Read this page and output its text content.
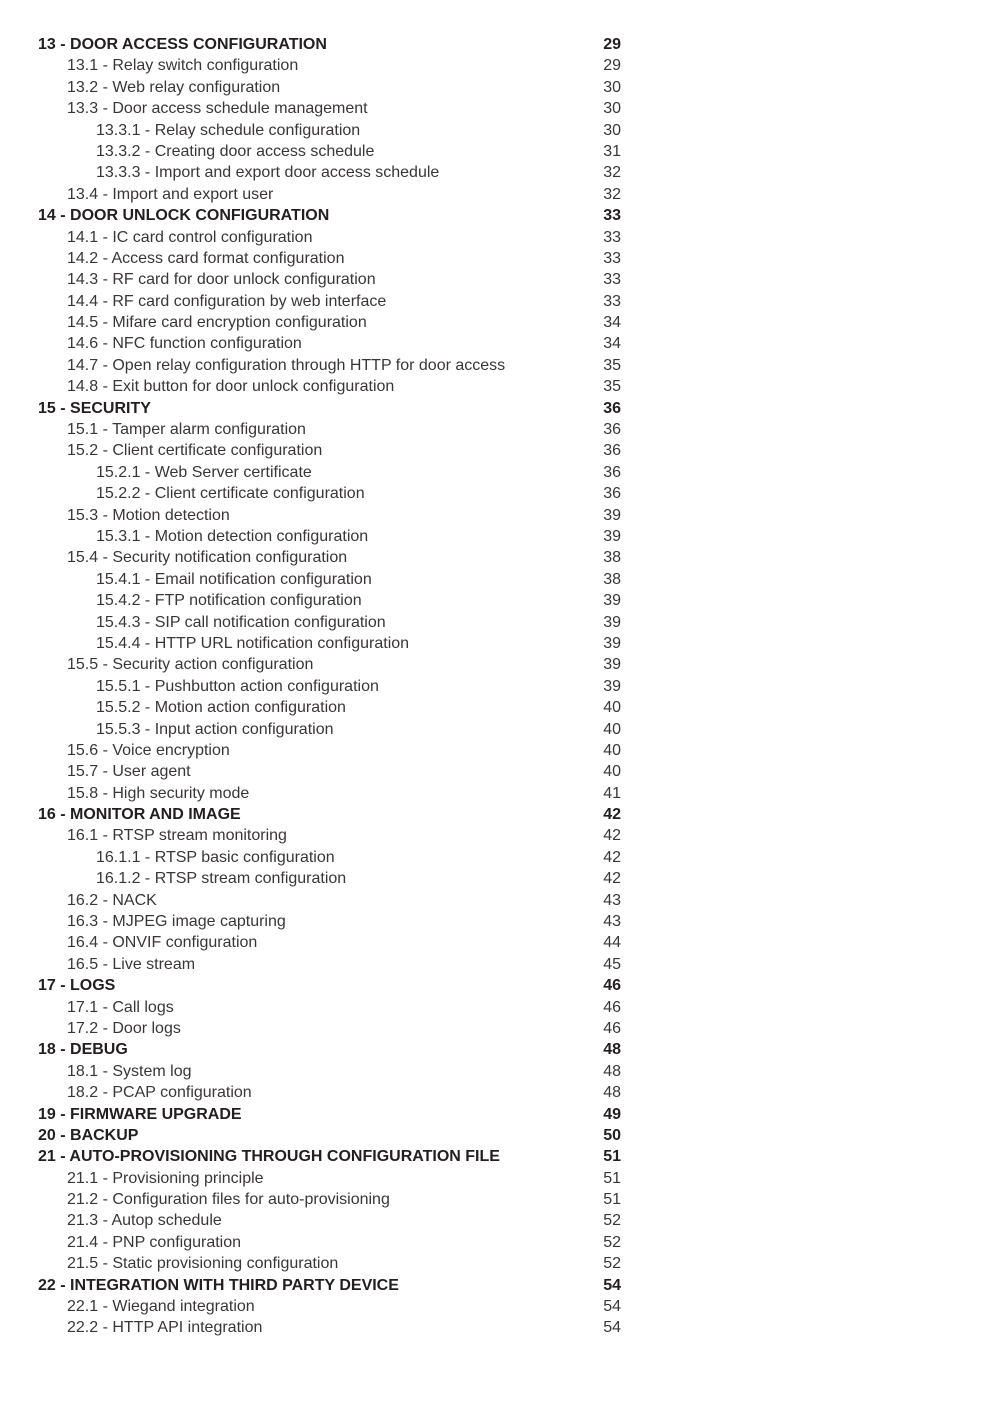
13 - DOOR ACCESS CONFIGURATION	29
13.1 - Relay switch configuration	29
13.2 - Web relay configuration	30
13.3 - Door access schedule management	30
13.3.1 - Relay schedule configuration	30
13.3.2 - Creating door access schedule	31
13.3.3 - Import and export door access schedule	32
13.4 - Import and export user	32
14 - DOOR UNLOCK CONFIGURATION	33
14.1 - IC card control configuration	33
14.2 - Access card format configuration	33
14.3 - RF card for door unlock configuration	33
14.4 - RF card configuration by web interface	33
14.5 - Mifare card encryption configuration	34
14.6 - NFC function configuration	34
14.7 - Open relay configuration through HTTP for door access	35
14.8 - Exit button for door unlock configuration	35
15 - SECURITY	36
15.1 - Tamper alarm configuration	36
15.2 - Client certificate configuration	36
15.2.1 - Web Server certificate	36
15.2.2 - Client certificate configuration	36
15.3 - Motion detection	39
15.3.1 - Motion detection configuration	39
15.4 - Security notification configuration	38
15.4.1 - Email notification configuration	38
15.4.2 - FTP notification configuration	39
15.4.3 - SIP call notification configuration	39
15.4.4 - HTTP URL notification configuration	39
15.5 - Security action configuration	39
15.5.1 - Pushbutton action configuration	39
15.5.2 - Motion action configuration	40
15.5.3 - Input action configuration	40
15.6 - Voice encryption	40
15.7 - User agent	40
15.8 - High security mode	41
16 - MONITOR AND IMAGE	42
16.1 - RTSP stream monitoring	42
16.1.1 - RTSP basic configuration	42
16.1.2 - RTSP stream configuration	42
16.2 - NACK	43
16.3 - MJPEG image capturing	43
16.4 - ONVIF configuration	44
16.5 - Live stream	45
17 - LOGS	46
17.1 - Call logs	46
17.2 - Door logs	46
18 - DEBUG	48
18.1 - System log	48
18.2 - PCAP configuration	48
19 - FIRMWARE UPGRADE	49
20 - BACKUP	50
21 - AUTO-PROVISIONING THROUGH CONFIGURATION FILE	51
21.1 - Provisioning principle	51
21.2 - Configuration files for auto-provisioning	51
21.3 - Autop schedule	52
21.4 - PNP configuration	52
21.5 - Static provisioning configuration	52
22 - INTEGRATION WITH THIRD PARTY DEVICE	54
22.1 - Wiegand integration	54
22.2 - HTTP API integration	54
